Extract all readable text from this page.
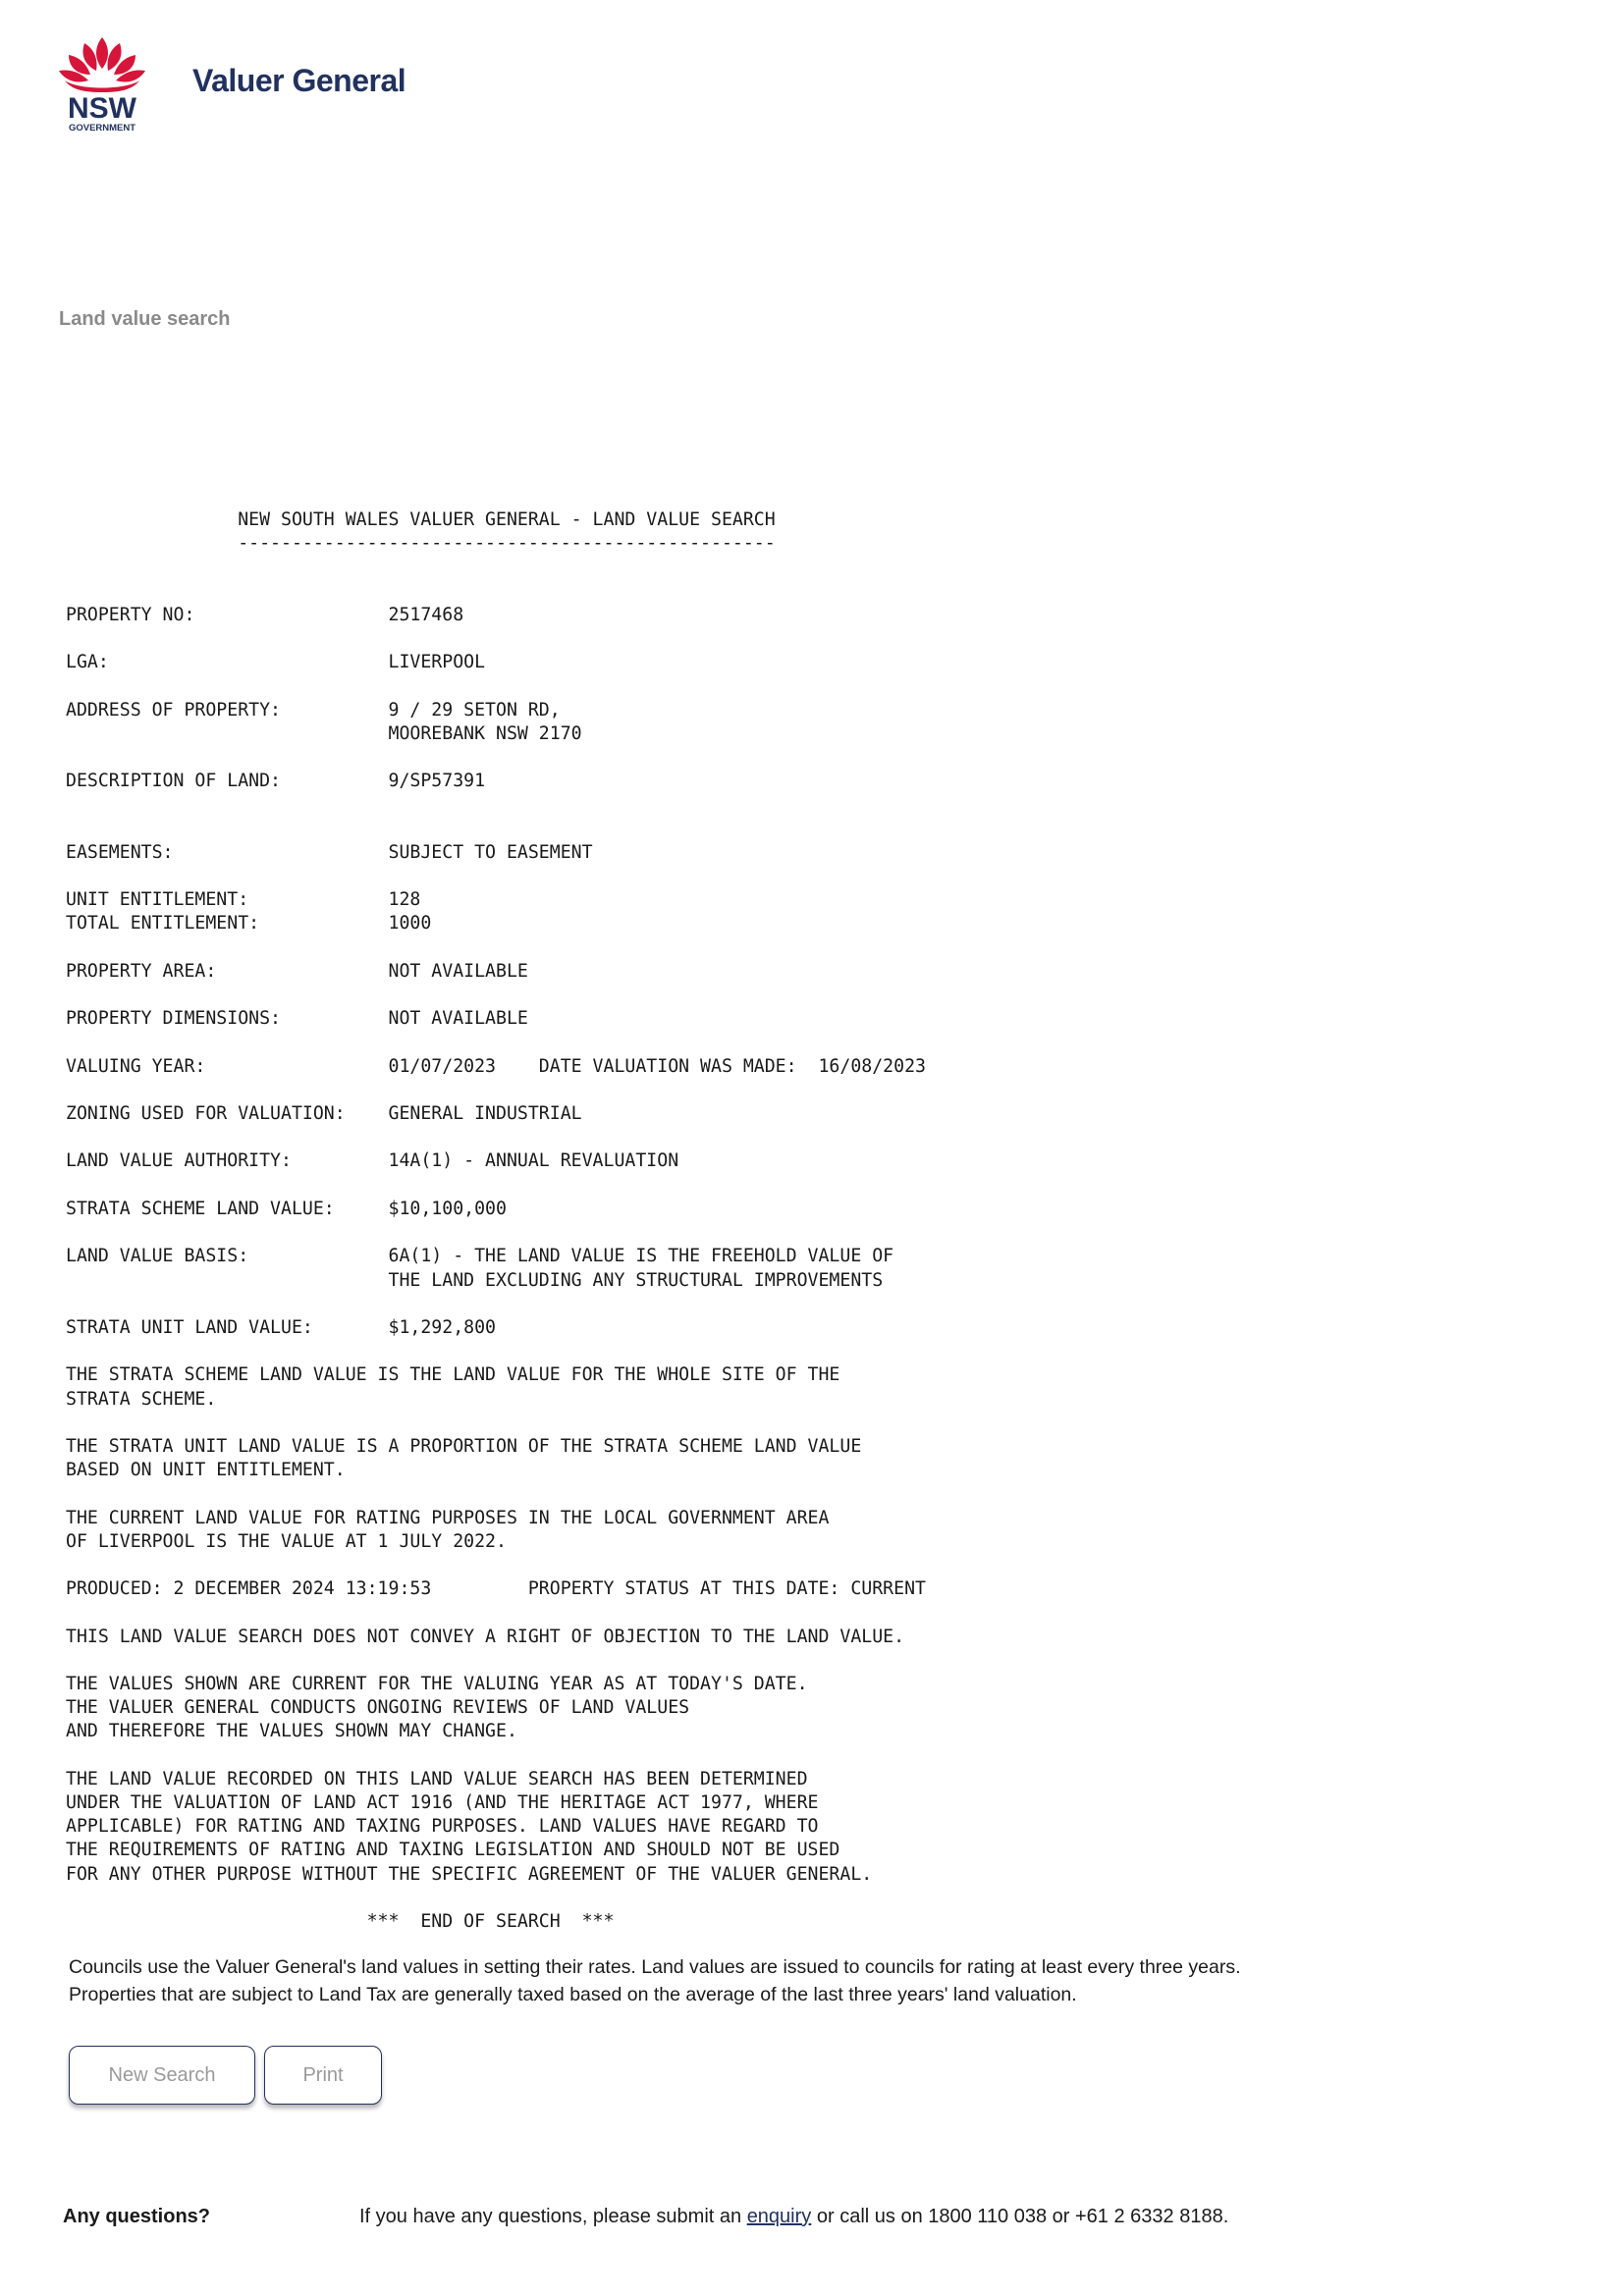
NSW
GOVERNMENT
Valuer General
Land value search
NEW SOUTH WALES VALUER GENERAL - LAND VALUE SEARCH
--------------------------------------------------

PROPERTY NO:                  2517468

LGA:                          LIVERPOOL

ADDRESS OF PROPERTY:          9 / 29 SETON RD,
MOOREBANK NSW 2170

DESCRIPTION OF LAND:          9/SP57391

EASEMENTS:                    SUBJECT TO EASEMENT

UNIT ENTITLEMENT:             128
TOTAL ENTITLEMENT:            1000

PROPERTY AREA:                NOT AVAILABLE

PROPERTY DIMENSIONS:          NOT AVAILABLE

VALUING YEAR:                 01/07/2023    DATE VALUATION WAS MADE:  16/08/2023

ZONING USED FOR VALUATION:    GENERAL INDUSTRIAL

LAND VALUE AUTHORITY:         14A(1) - ANNUAL REVALUATION

STRATA SCHEME LAND VALUE:     $10,100,000

LAND VALUE BASIS:             6A(1) - THE LAND VALUE IS THE FREEHOLD VALUE OF
THE LAND EXCLUDING ANY STRUCTURAL IMPROVEMENTS

STRATA UNIT LAND VALUE:       $1,292,800

THE STRATA SCHEME LAND VALUE IS THE LAND VALUE FOR THE WHOLE SITE OF THE
STRATA SCHEME.

THE STRATA UNIT LAND VALUE IS A PROPORTION OF THE STRATA SCHEME LAND VALUE
BASED ON UNIT ENTITLEMENT.

THE CURRENT LAND VALUE FOR RATING PURPOSES IN THE LOCAL GOVERNMENT AREA
OF LIVERPOOL IS THE VALUE AT 1 JULY 2022.

PRODUCED: 2 DECEMBER 2024 13:19:53         PROPERTY STATUS AT THIS DATE: CURRENT

THIS LAND VALUE SEARCH DOES NOT CONVEY A RIGHT OF OBJECTION TO THE LAND VALUE.

THE VALUES SHOWN ARE CURRENT FOR THE VALUING YEAR AS AT TODAY'S DATE.
THE VALUER GENERAL CONDUCTS ONGOING REVIEWS OF LAND VALUES
AND THEREFORE THE VALUES SHOWN MAY CHANGE.

THE LAND VALUE RECORDED ON THIS LAND VALUE SEARCH HAS BEEN DETERMINED
UNDER THE VALUATION OF LAND ACT 1916 (AND THE HERITAGE ACT 1977, WHERE
APPLICABLE) FOR RATING AND TAXING PURPOSES. LAND VALUES HAVE REGARD TO
THE REQUIREMENTS OF RATING AND TAXING LEGISLATION AND SHOULD NOT BE USED
FOR ANY OTHER PURPOSE WITHOUT THE SPECIFIC AGREEMENT OF THE VALUER GENERAL.

***  END OF SEARCH  ***
Councils use the Valuer General's land values in setting their rates. Land values are issued to councils for rating at least every three years.
Properties that are subject to Land Tax are generally taxed based on the average of the last three years' land valuation.
New Search	Print
Any questions?	If you have any questions, please submit an enquiry or call us on 1800 110 038 or +61 2 6332 8188.
